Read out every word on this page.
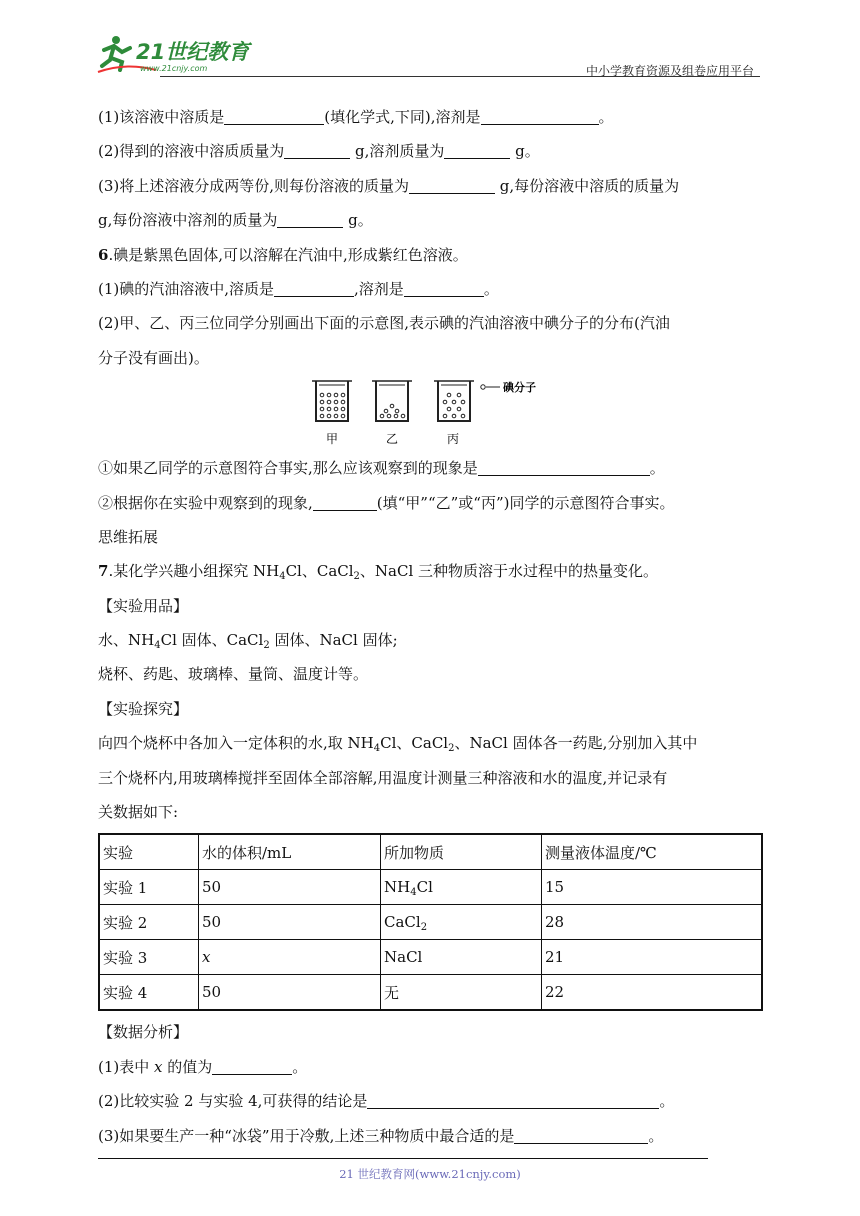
21世纪教育
www.21cnjy.com	中小学教育资源及组卷应用平台
(1)该溶液中溶质是	(填化学式,下同),溶剂是	。
(2)得到的溶液中溶质质量为	g,溶剂质量为	g。
(3)将上述溶液分成两等份,则每份溶液的质量为	g,每份溶液中溶质的质量为
g,每份溶液中溶剂的质量为	g。
6.碘是紫黑色固体,可以溶解在汽油中,形成紫红色溶液。
(1)碘的汽油溶液中,溶质是	,溶剂是	。
(2)甲、乙、丙三位同学分别画出下面的示意图,表示碘的汽油溶液中碘分子的分布(汽油
分子没有画出)。
甲	乙	丙
碘分子
①如果乙同学的示意图符合事实,那么应该观察到的现象是	。
②根据你在实验中观察到的现象,	(填“甲”“乙”或“丙”)同学的示意图符合事实。
思维拓展
7.某化学兴趣小组探究 $NH_4Cl$、CaCl$_2$、NaCl 三种物质溶于水过程中的热量变化。
【实验用品】
水、$NH_4Cl$ 固体、CaCl$_2$ 固体、NaCl 固体;
烧杯、药匙、玻璃棒、量筒、温度计等。
【实验探究】
向四个烧杯中各加入一定体积的水,取 $NH_4Cl$、CaCl$_2$、NaCl 固体各一药匙,分别加入其中
三个烧杯内,用玻璃棒搅拌至固体全部溶解,用温度计测量三种溶液和水的温度,并记录有
关数据如下:
实验	水的体积/mL	所加物质	测量液体温度/℃
实验 1	50	$NH_4Cl$	15
实验 2	50	CaCl$_2$	28
实验 3	x	NaCl	21
实验 4	50	无	22
【数据分析】
(1)表中 x 的值为	。
(2)比较实验 2 与实验 4,可获得的结论是	。
(3)如果要生产一种“冰袋”用于冷敷,上述三种物质中最合适的是	。
21 世纪教育网(www.21cnjy.com)
